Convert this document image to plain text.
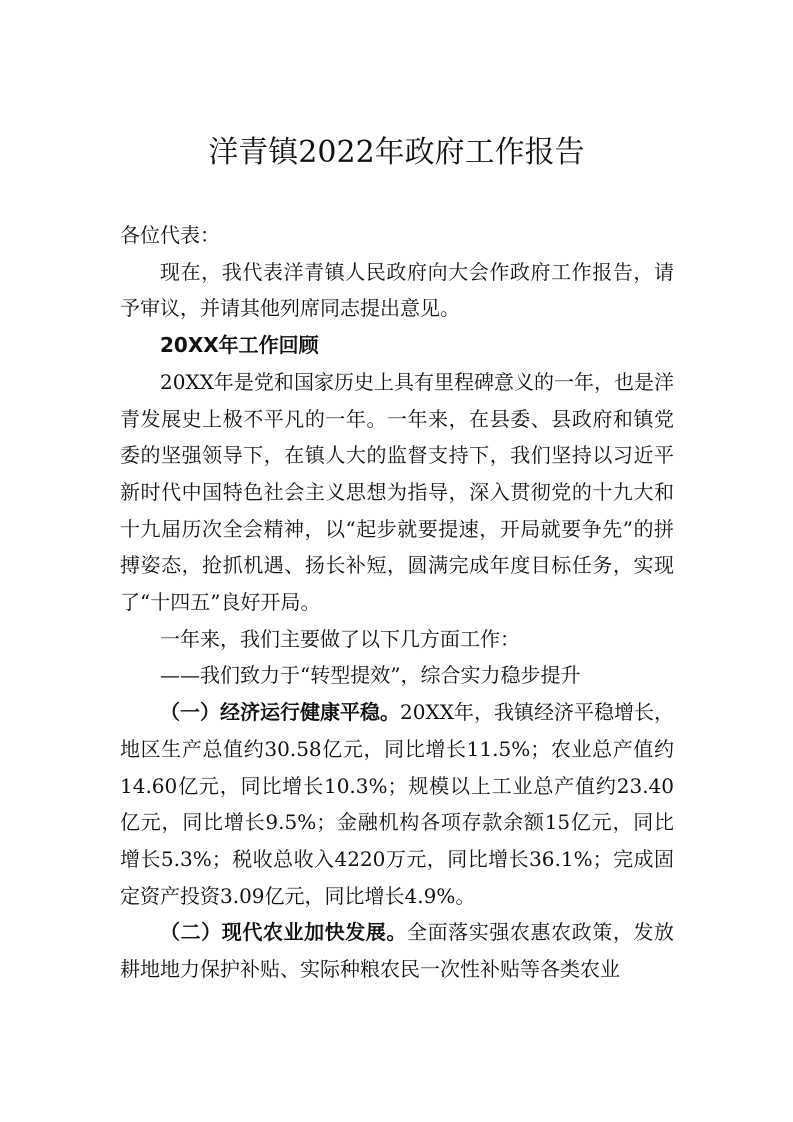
洋青镇2022年政府工作报告

各位代表：

现在，我代表洋青镇人民政府向大会作政府工作报告，请予审议，并请其他列席同志提出意见。

20XX年工作回顾

20XX年是党和国家历史上具有里程碑意义的一年，也是洋青发展史上极不平凡的一年。一年来，在县委、县政府和镇党委的坚强领导下，在镇人大的监督支持下，我们坚持以习近平新时代中国特色社会主义思想为指导，深入贯彻党的十九大和十九届历次全会精神，以“起步就要提速，开局就要争先”的拼搏姿态，抢抓机遇、扬长补短，圆满完成年度目标任务，实现了“十四五”良好开局。

一年来，我们主要做了以下几方面工作：

——我们致力于“转型提效”，综合实力稳步提升

（一）经济运行健康平稳。20XX年，我镇经济平稳增长，地区生产总值约30.58亿元，同比增长11.5%；农业总产值约14.60亿元，同比增长10.3%；规模以上工业总产值约23.40亿元，同比增长9.5%；金融机构各项存款余额15亿元，同比增长5.3%；税收总收入4220万元，同比增长36.1%；完成固定资产投资3.09亿元，同比增长4.9%。

（二）现代农业加快发展。全面落实强农惠农政策，发放耕地地力保护补贴、实际种粮农民一次性补贴等各类农业
